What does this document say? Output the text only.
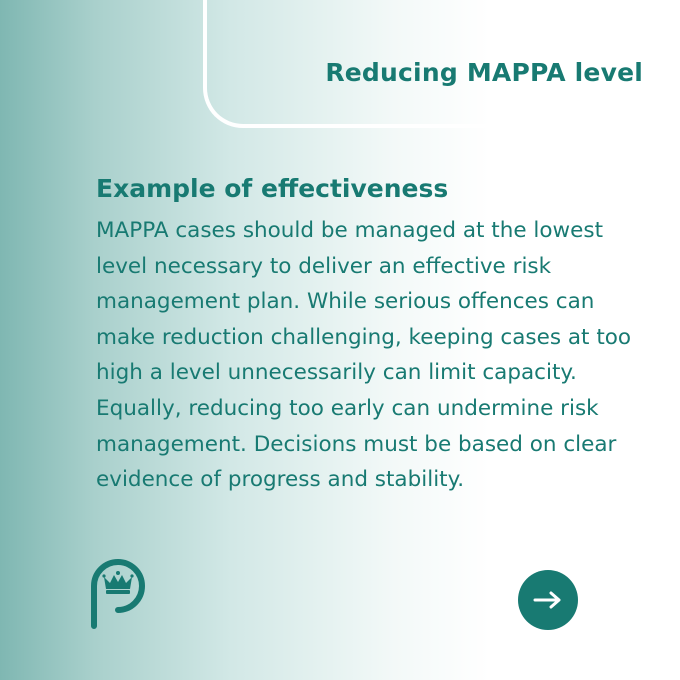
Reducing MAPPA level
Example of effectiveness

MAPPA cases should be managed at the lowest level necessary to deliver an effective risk management plan. While serious offences can make reduction challenging, keeping cases at too high a level unnecessarily can limit capacity. Equally, reducing too early can undermine risk management. Decisions must be based on clear evidence of progress and stability.
